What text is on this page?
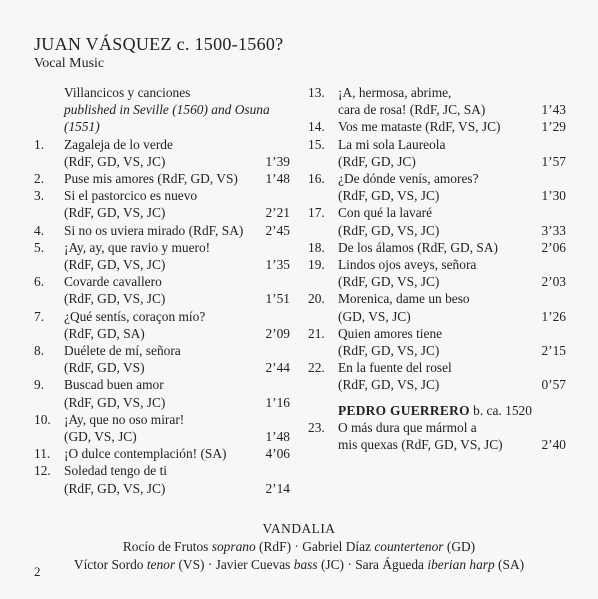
JUAN VÁSQUEZ c. 1500-1560?
Vocal Music
Villancicos y canciones
published in Seville (1560) and Osuna
(1551)
1.	Zagaleja de lo verde
(RdF, GD, VS, JC)	1’39
2.	Puse mis amores (RdF, GD, VS)	1’48
3.	Si el pastorcico es nuevo
(RdF, GD, VS, JC)	2’21
4.	Si no os uviera mirado (RdF, SA)	2’45
5.	¡Ay, ay, que ravio y muero!
(RdF, GD, VS, JC)	1’35
6.	Covarde cavallero
(RdF, GD, VS, JC)	1’51
7.	¿Qué sentís, coraçon mío?
(RdF, GD, SA)	2’09
8.	Duélete de mí, señora
(RdF, GD, VS)	2’44
9.	Buscad buen amor
(RdF, GD, VS, JC)	1’16
10. ¡Ay, que no oso mirar!
(GD, VS, JC)	1’48
11.	¡O dulce contemplación! (SA)	4’06
12. Soledad tengo de ti
(RdF, GD, VS, JC)	2’14
13. ¡A, hermosa, abrime,
cara de rosa! (RdF, JC, SA)	1’43
14. Vos me mataste (RdF, VS, JC)	1’29
15. La mi sola Laureola
(RdF, GD, JC)	1’57
16. ¿De dónde venís, amores?
(RdF, GD, VS, JC)	1’30
17. Con qué la lavaré
(RdF, GD, VS, JC)	3’33
18. De los álamos (RdF, GD, SA)	2’06
19. Lindos ojos aveys, señora
(RdF, GD, VS, JC)	2’03
20. Morenica, dame un beso
(GD, VS, JC)	1’26
21. Quien amores tiene
(RdF, GD, VS, JC)	2’15
22. En la fuente del rosel
(RdF, GD, VS, JC)	0’57
PEDRO GUERRERO b. ca. 1520
23. O más dura que mármol a
mis quexas (RdF, GD, VS, JC)	2’40
VANDALIA
Rocío de Frutos soprano (RdF) · Gabriel Díaz countertenor (GD)
Víctor Sordo tenor (VS) · Javier Cuevas bass (JC) · Sara Águeda iberian harp (SA)
2
